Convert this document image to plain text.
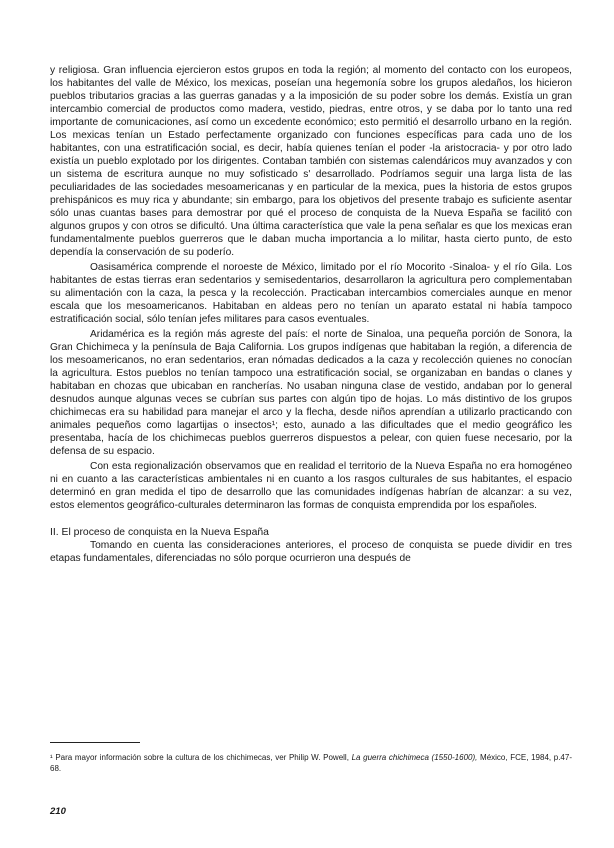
y religiosa. Gran influencia ejercieron estos grupos en toda la región; al momento del contacto con los europeos, los habitantes del valle de México, los mexicas, poseían una hegemonía sobre los grupos aledaños, los hicieron pueblos tributarios gracias a las guerras ganadas y a la imposición de su poder sobre los demás. Existía un gran intercambio comercial de productos como madera, vestido, piedras, entre otros, y se daba por lo tanto una red importante de comunicaciones, así como un excedente económico; esto permitió el desarrollo urbano en la región. Los mexicas tenían un Estado perfectamente organizado con funciones específicas para cada uno de los habitantes, con una estratificación social, es decir, había quienes tenían el poder -la aristocracia- y por otro lado existía un pueblo explotado por los dirigentes. Contaban también con sistemas calendáricos muy avanzados y con un sistema de escritura aunque no muy sofisticado s' desarrollado. Podríamos seguir una larga lista de las peculiaridades de las sociedades mesoamericanas y en particular de la mexica, pues la historia de estos grupos prehispánicos es muy rica y abundante; sin embargo, para los objetivos del presente trabajo es suficiente asentar sólo unas cuantas bases para demostrar por qué el proceso de conquista de la Nueva España se facilitó con algunos grupos y con otros se dificultó. Una última característica que vale la pena señalar es que los mexicas eran fundamentalmente pueblos guerreros que le daban mucha importancia a lo militar, hasta cierto punto, de esto dependía la conservación de su poderío.

Oasisamérica comprende el noroeste de México, limitado por el río Mocorito -Sinaloa- y el río Gila. Los habitantes de estas tierras eran sedentarios y semisedentarios, desarrollaron la agricultura pero complementaban su alimentación con la caza, la pesca y la recolección. Practicaban intercambios comerciales aunque en menor escala que los mesoamericanos. Habitaban en aldeas pero no tenían un aparato estatal ni había tampoco estratificación social, sólo tenían jefes militares para casos eventuales.

Aridamérica es la región más agreste del país: el norte de Sinaloa, una pequeña porción de Sonora, la Gran Chichimeca y la península de Baja California. Los grupos indígenas que habitaban la región, a diferencia de los mesoamericanos, no eran sedentarios, eran nómadas dedicados a la caza y recolección quienes no conocían la agricultura. Estos pueblos no tenían tampoco una estratificación social, se organizaban en bandas o clanes y habitaban en chozas que ubicaban en rancherías. No usaban ninguna clase de vestido, andaban por lo general desnudos aunque algunas veces se cubrían sus partes con algún tipo de hojas. Lo más distintivo de los grupos chichimecas era su habilidad para manejar el arco y la flecha, desde niños aprendían a utilizarlo practicando con animales pequeños como lagartijas o insectos¹; esto, aunado a las dificultades que el medio geográfico les presentaba, hacía de los chichimecas pueblos guerreros dispuestos a pelear, con quien fuese necesario, por la defensa de su espacio.

Con esta regionalización observamos que en realidad el territorio de la Nueva España no era homogéneo ni en cuanto a las características ambientales ni en cuanto a los rasgos culturales de sus habitantes, el espacio determinó en gran medida el tipo de desarrollo que las comunidades indígenas habrían de alcanzar: a su vez, estos elementos geográfico-culturales determinaron las formas de conquista emprendida por los españoles.

II. El proceso de conquista en la Nueva España

Tomando en cuenta las consideraciones anteriores, el proceso de conquista se puede dividir en tres etapas fundamentales, diferenciadas no sólo porque ocurrieron una después de

¹ Para mayor información sobre la cultura de los chichimecas, ver Philip W. Powell, La guerra chichimeca (1550-1600), México, FCE, 1984, p.47-68.
210
